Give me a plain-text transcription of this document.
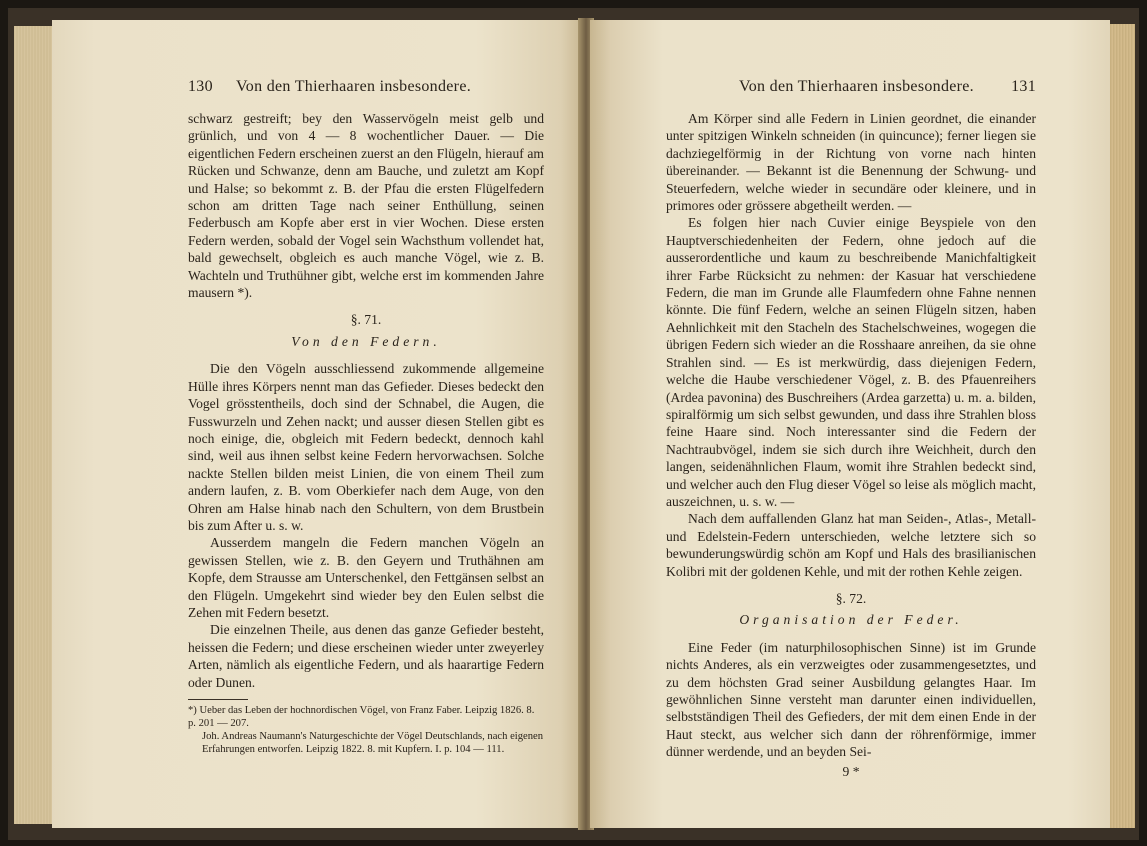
130 Von den Thierhaaren insbesondere.

schwarz gestreift; bey den Wasservögeln meist gelb und grünlich, und von 4 — 8 wochentlicher Dauer. — Die eigentlichen Federn erscheinen zuerst an den Flügeln, hierauf am Rücken und Schwanze, denn am Bauche, und zuletzt am Kopf und Halse; so bekommt z. B. der Pfau die ersten Flügelfedern schon am dritten Tage nach seiner Enthüllung, seinen Federbusch am Kopfe aber erst in vier Wochen. Diese ersten Federn werden, sobald der Vogel sein Wachsthum vollendet hat, bald gewechselt, obgleich es auch manche Vögel, wie z. B. Wachteln und Truthühner gibt, welche erst im kommenden Jahre mausern *).

§. 71.
Von den Federn.

Die den Vögeln ausschliessend zukommende allgemeine Hülle ihres Körpers nennt man das Gefieder. Dieses bedeckt den Vogel grösstentheils, doch sind der Schnabel, die Augen, die Fusswurzeln und Zehen nackt; und ausser diesen Stellen gibt es noch einige, die, obgleich mit Federn bedeckt, dennoch kahl sind, weil aus ihnen selbst keine Federn hervorwachsen. Solche nackte Stellen bilden meist Linien, die von einem Theil zum andern laufen, z. B. vom Oberkiefer nach dem Auge, von den Ohren am Halse hinab nach den Schultern, von dem Brustbein bis zum After u. s. w.

Ausserdem mangeln die Federn manchen Vögeln an gewissen Stellen, wie z. B. den Geyern und Truthähnen am Kopfe, dem Strausse am Unterschenkel, den Fettgänsen selbst an den Flügeln. Umgekehrt sind wieder bey den Eulen selbst die Zehen mit Federn besetzt.

Die einzelnen Theile, aus denen das ganze Gefieder besteht, heissen die Federn; und diese erscheinen wieder unter zweyerley Arten, nämlich als eigentliche Federn, und als haarartige Federn oder Dunen.

*) Ueber das Leben der hochnordischen Vögel, von Franz Faber. Leipzig 1826. 8. p. 201 — 207.

Joh. Andreas Naumann's Naturgeschichte der Vögel Deutschlands, nach eigenen Erfahrungen entworfen. Leipzig 1822. 8. mit Kupfern. I. p. 104 — 111.

Von den Thierhaaren insbesondere. 131

Am Körper sind alle Federn in Linien geordnet, die einander unter spitzigen Winkeln schneiden (in quincunce); ferner liegen sie dachziegelförmig in der Richtung von vorne nach hinten übereinander. — Bekannt ist die Benennung der Schwung- und Steuerfedern, welche wieder in secundäre oder kleinere, und in primores oder grössere abgetheilt werden. —

Es folgen hier nach Cuvier einige Beyspiele von den Hauptverschiedenheiten der Federn, ohne jedoch auf die ausserordentliche und kaum zu beschreibende Manichfaltigkeit ihrer Farbe Rücksicht zu nehmen: der Kasuar hat verschiedene Federn, die man im Grunde alle Flaumfedern ohne Fahne nennen könnte. Die fünf Federn, welche an seinen Flügeln sitzen, haben Aehnlichkeit mit den Stacheln des Stachelschweines, wogegen die übrigen Federn sich wieder an die Rosshaare anreihen, da sie ohne Strahlen sind. — Es ist merkwürdig, dass diejenigen Federn, welche die Haube verschiedener Vögel, z. B. des Pfauenreihers (Ardea pavonina) des Buschreihers (Ardea garzetta) u. m. a. bilden, spiralförmig um sich selbst gewunden, und dass ihre Strahlen bloss feine Haare sind. Noch interessanter sind die Federn der Nachtraubvögel, indem sie sich durch ihre Weichheit, durch den langen, seidenähnlichen Flaum, womit ihre Strahlen bedeckt sind, und welcher auch den Flug dieser Vögel so leise als möglich macht, auszeichnen, u. s. w. —

Nach dem auffallenden Glanz hat man Seiden-, Atlas-, Metall- und Edelstein-Federn unterschieden, welche letztere sich so bewunderungswürdig schön am Kopf und Hals des brasilianischen Kolibri mit der goldenen Kehle, und mit der rothen Kehle zeigen.

§. 72.
Organisation der Feder.

Eine Feder (im naturphilosophischen Sinne) ist im Grunde nichts Anderes, als ein verzweigtes oder zusammengesetztes, und zu dem höchsten Grad seiner Ausbildung gelangtes Haar. Im gewöhnlichen Sinne versteht man darunter einen individuellen, selbstständigen Theil des Gefieders, der mit dem einen Ende in der Haut steckt, aus welcher sich dann der röhrenförmige, immer dünner werdende, und an beyden Sei-

9 *
